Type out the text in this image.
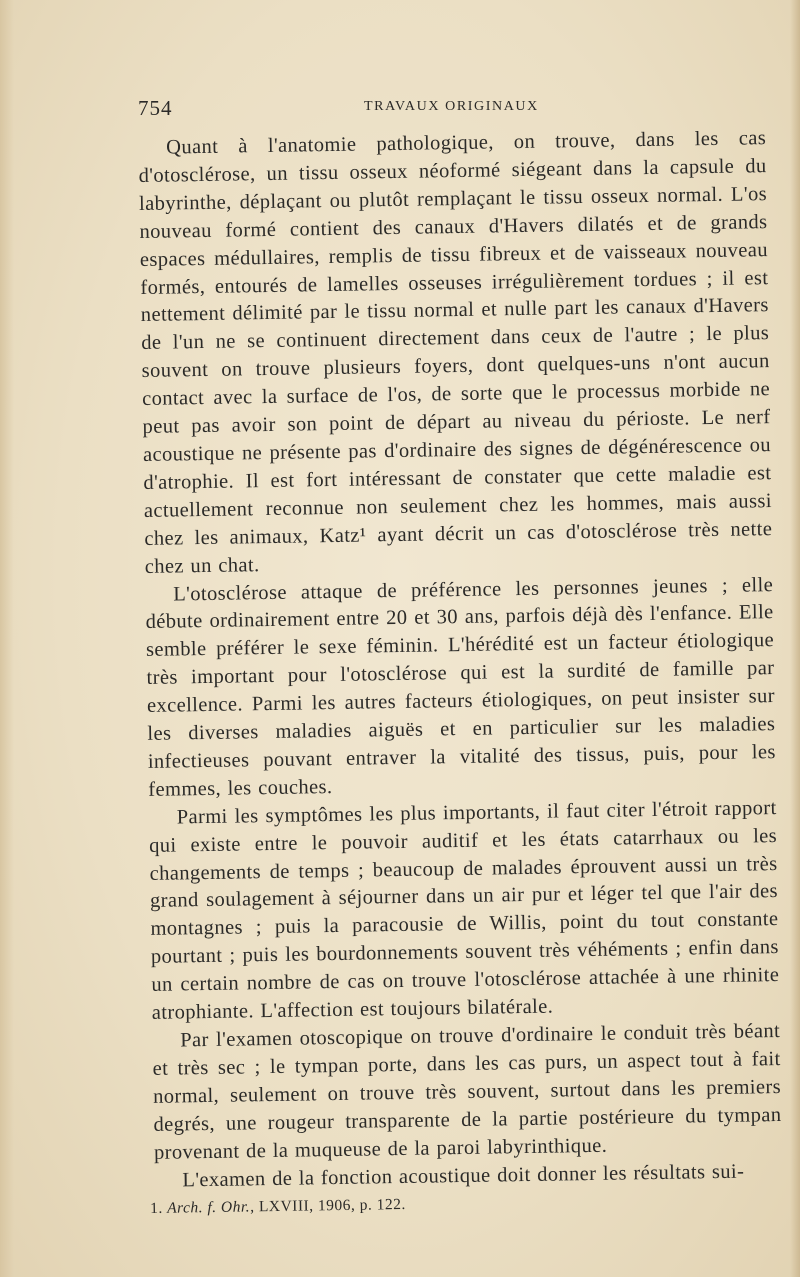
754	TRAVAUX ORIGINAUX

Quant à l'anatomie pathologique, on trouve, dans les cas d'otosclérose, un tissu osseux néoformé siégeant dans la capsule du labyrinthe, déplaçant ou plutôt remplaçant le tissu osseux normal. L'os nouveau formé contient des canaux d'Havers dilatés et de grands espaces médullaires, remplis de tissu fibreux et de vaisseaux nouveau formés, entourés de lamelles osseuses irrégulièrement tordues ; il est nettement délimité par le tissu normal et nulle part les canaux d'Havers de l'un ne se continuent directement dans ceux de l'autre ; le plus souvent on trouve plusieurs foyers, dont quelques-uns n'ont aucun contact avec la surface de l'os, de sorte que le processus morbide ne peut pas avoir son point de départ au niveau du périoste. Le nerf acoustique ne présente pas d'ordinaire des signes de dégénérescence ou d'atrophie. Il est fort intéressant de constater que cette maladie est actuellement reconnue non seulement chez les hommes, mais aussi chez les animaux, Katz¹ ayant décrit un cas d'otosclérose très nette chez un chat.

L'otosclérose attaque de préférence les personnes jeunes ; elle débute ordinairement entre 20 et 30 ans, parfois déjà dès l'enfance. Elle semble préférer le sexe féminin. L'hérédité est un facteur étiologique très important pour l'otosclérose qui est la surdité de famille par excellence. Parmi les autres facteurs étiologiques, on peut insister sur les diverses maladies aiguës et en particulier sur les maladies infectieuses pouvant entraver la vitalité des tissus, puis, pour les femmes, les couches.

Parmi les symptômes les plus importants, il faut citer l'étroit rapport qui existe entre le pouvoir auditif et les états catarrhaux ou les changements de temps ; beaucoup de malades éprouvent aussi un très grand soulagement à séjourner dans un air pur et léger tel que l'air des montagnes ; puis la paracousie de Willis, point du tout constante pourtant ; puis les bourdonnements souvent très véhéments ; enfin dans un certain nombre de cas on trouve l'otosclérose attachée à une rhinite atrophiante. L'affection est toujours bilatérale.

Par l'examen otoscopique on trouve d'ordinaire le conduit très béant et très sec ; le tympan porte, dans les cas purs, un aspect tout à fait normal, seulement on trouve très souvent, surtout dans les premiers degrés, une rougeur transparente de la partie postérieure du tympan provenant de la muqueuse de la paroi labyrinthique.

L'examen de la fonction acoustique doit donner les résultats sui-

1. Arch. f. Ohr., LXVIII, 1906, p. 122.
